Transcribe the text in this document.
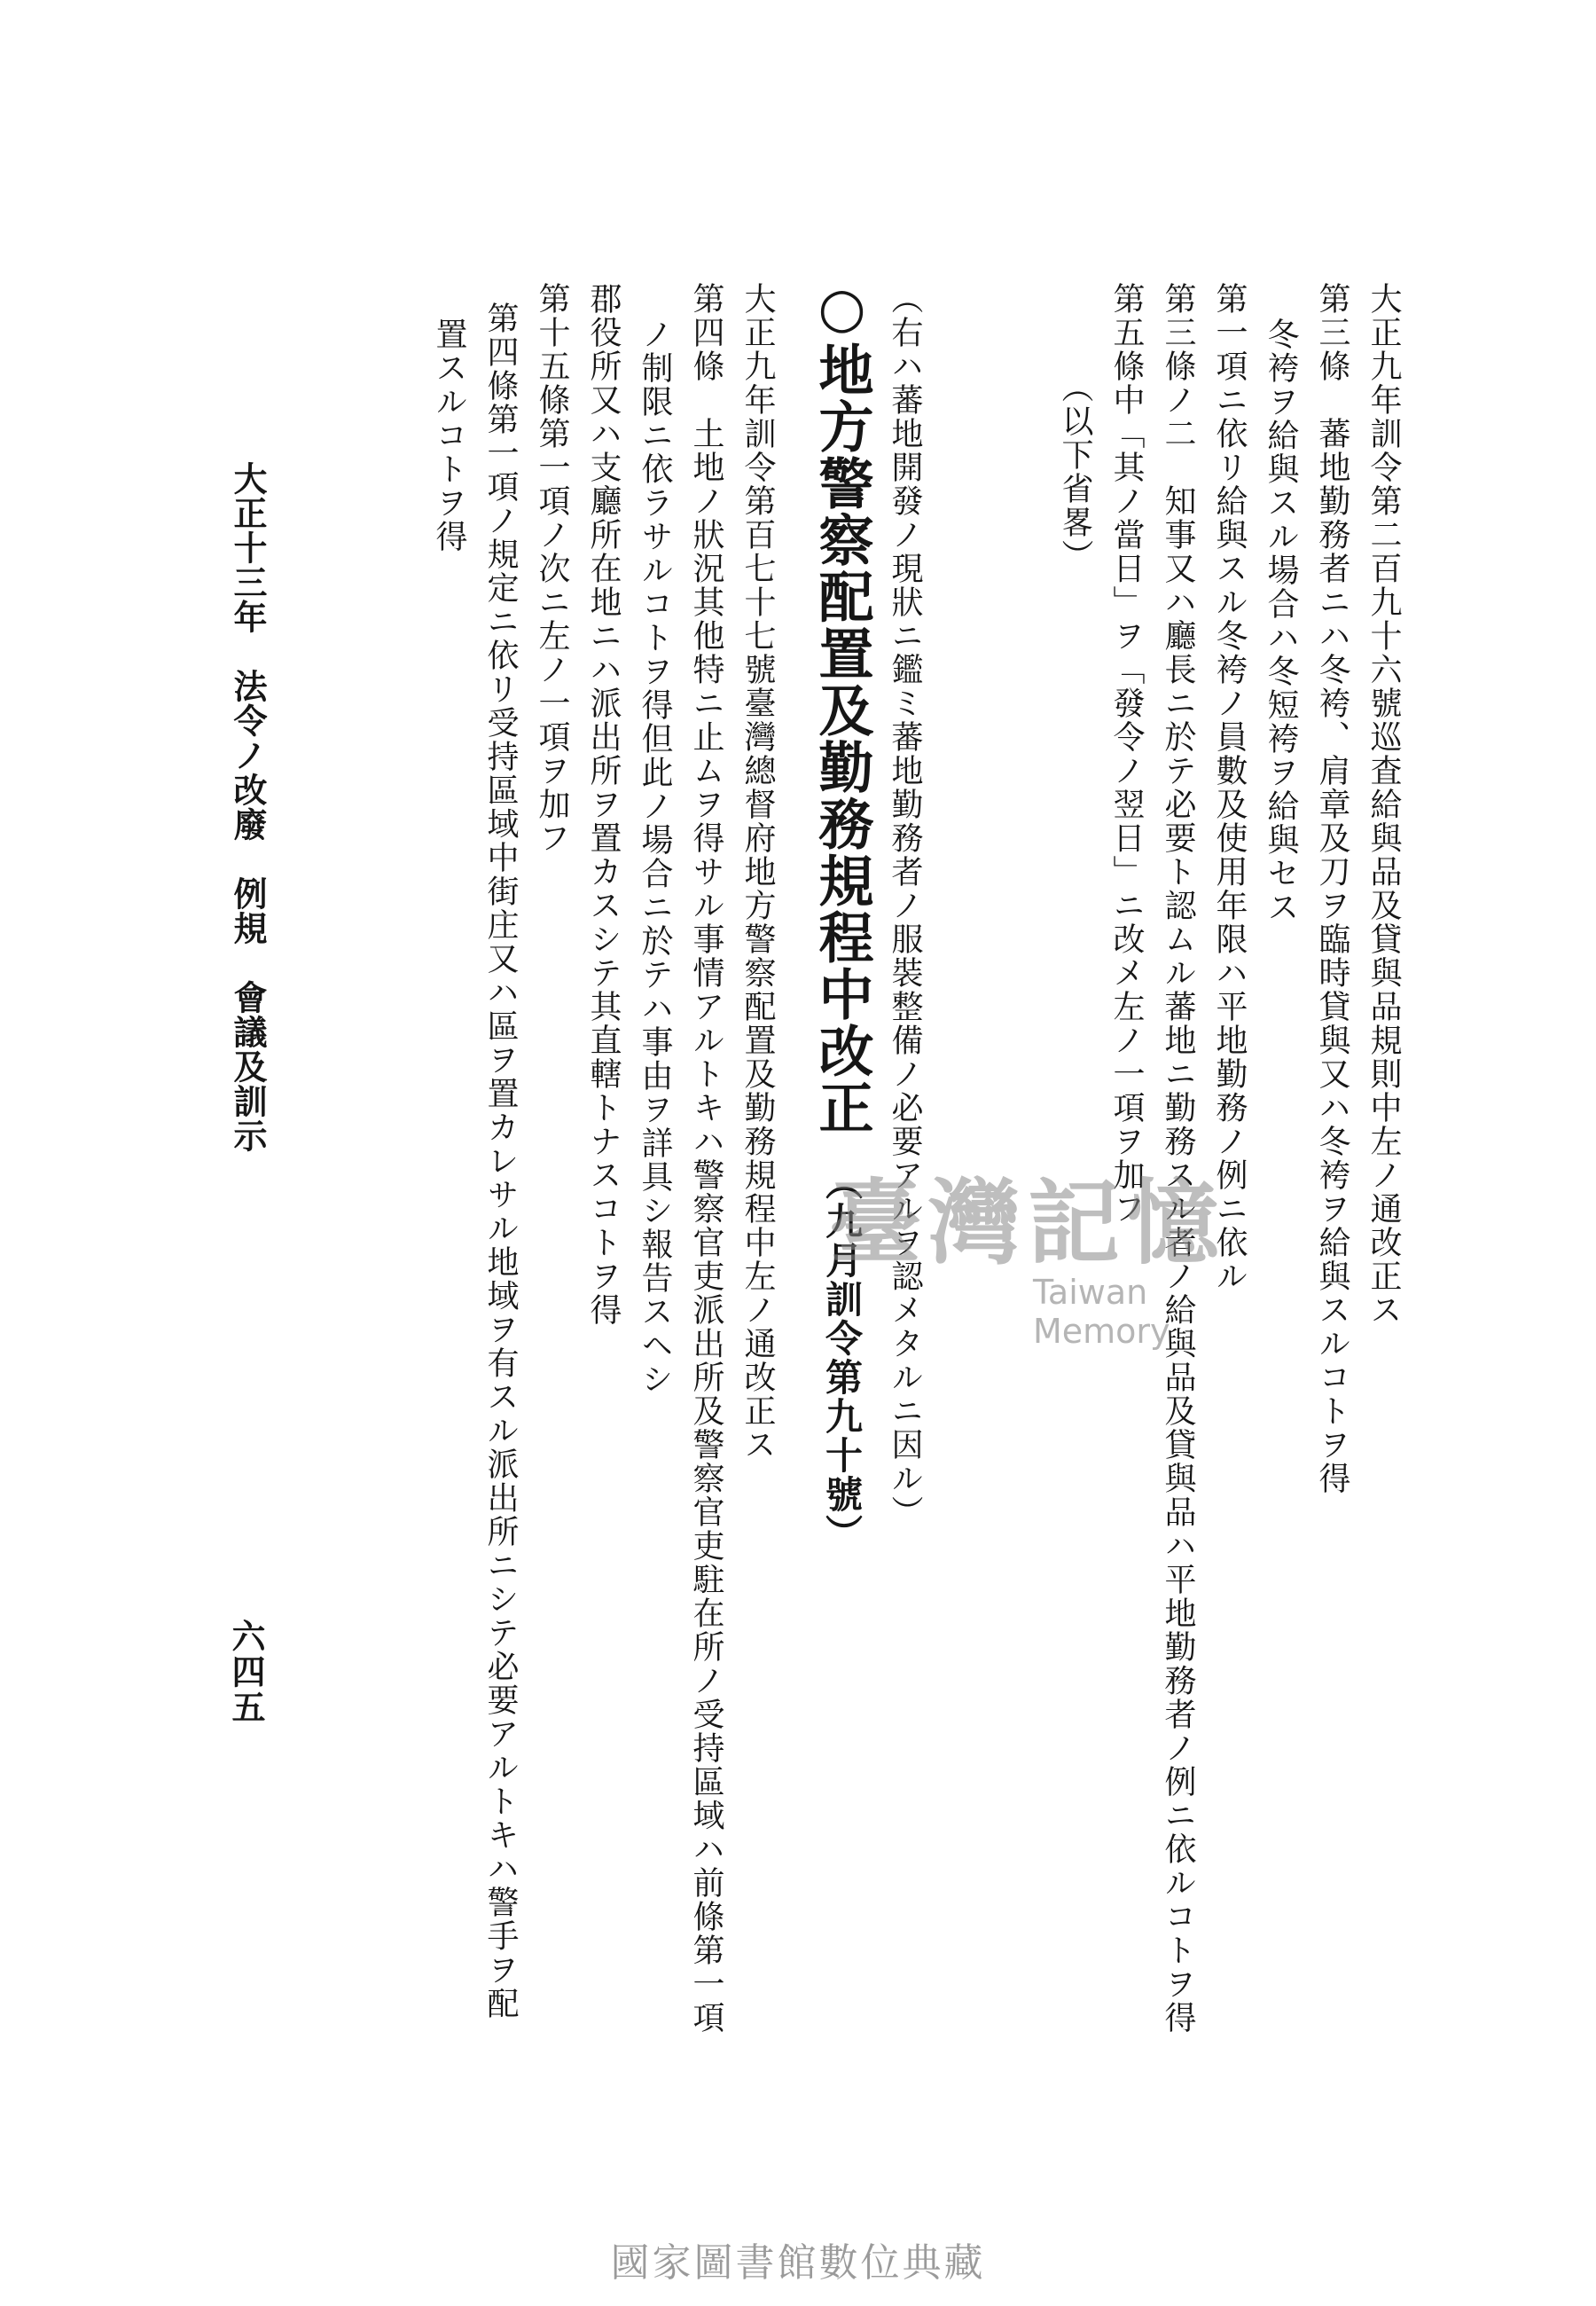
大正九年訓令第二百九十六號巡査給與品及貸與品規則中左ノ通改正ス
第三條　蕃地勤務者ニハ冬袴、肩章及刀ヲ臨時貸與又ハ冬袴ヲ給與スルコトヲ得
冬袴ヲ給與スル場合ハ冬短袴ヲ給與セス
第一項ニ依リ給與スル冬袴ノ員數及使用年限ハ平地勤務ノ例ニ依ル
第三條ノ二　知事又ハ廳長ニ於テ必要ト認ムル蕃地ニ勤務スル者ノ給與品及貸與品ハ平地勤務者ノ例ニ依ルコトヲ得
第五條中「其ノ當日」ヲ「發令ノ翌日」ニ改メ左ノ一項ヲ加フ
（以下省畧）
（右ハ蕃地開發ノ現狀ニ鑑ミ蕃地勤務者ノ服裝整備ノ必要アルヲ認メタルニ因ル）
○地方警察配置及勤務規程中改正（九月訓令第九十號）
大正九年訓令第百七十七號臺灣總督府地方警察配置及勤務規程中左ノ通改正ス
第四條　土地ノ狀況其他特ニ止ムヲ得サル事情アルトキハ警察官吏派出所及警察官吏駐在所ノ受持區域ハ前條第一項
ノ制限ニ依ラサルコトヲ得但此ノ場合ニ於テハ事由ヲ詳具シ報告スヘシ
郡役所又ハ支廳所在地ニハ派出所ヲ置カスシテ其直轄トナスコトヲ得
第十五條第一項ノ次ニ左ノ一項ヲ加フ
第四條第一項ノ規定ニ依リ受持區域中街庄又ハ區ヲ置カレサル地域ヲ有スル派出所ニシテ必要アルトキハ警手ヲ配
置スルコトヲ得
大正十三年　法令ノ改廢　例規　會議及訓示
六四五
臺灣記憶
Taiwan Memory
國家圖書館數位典藏
